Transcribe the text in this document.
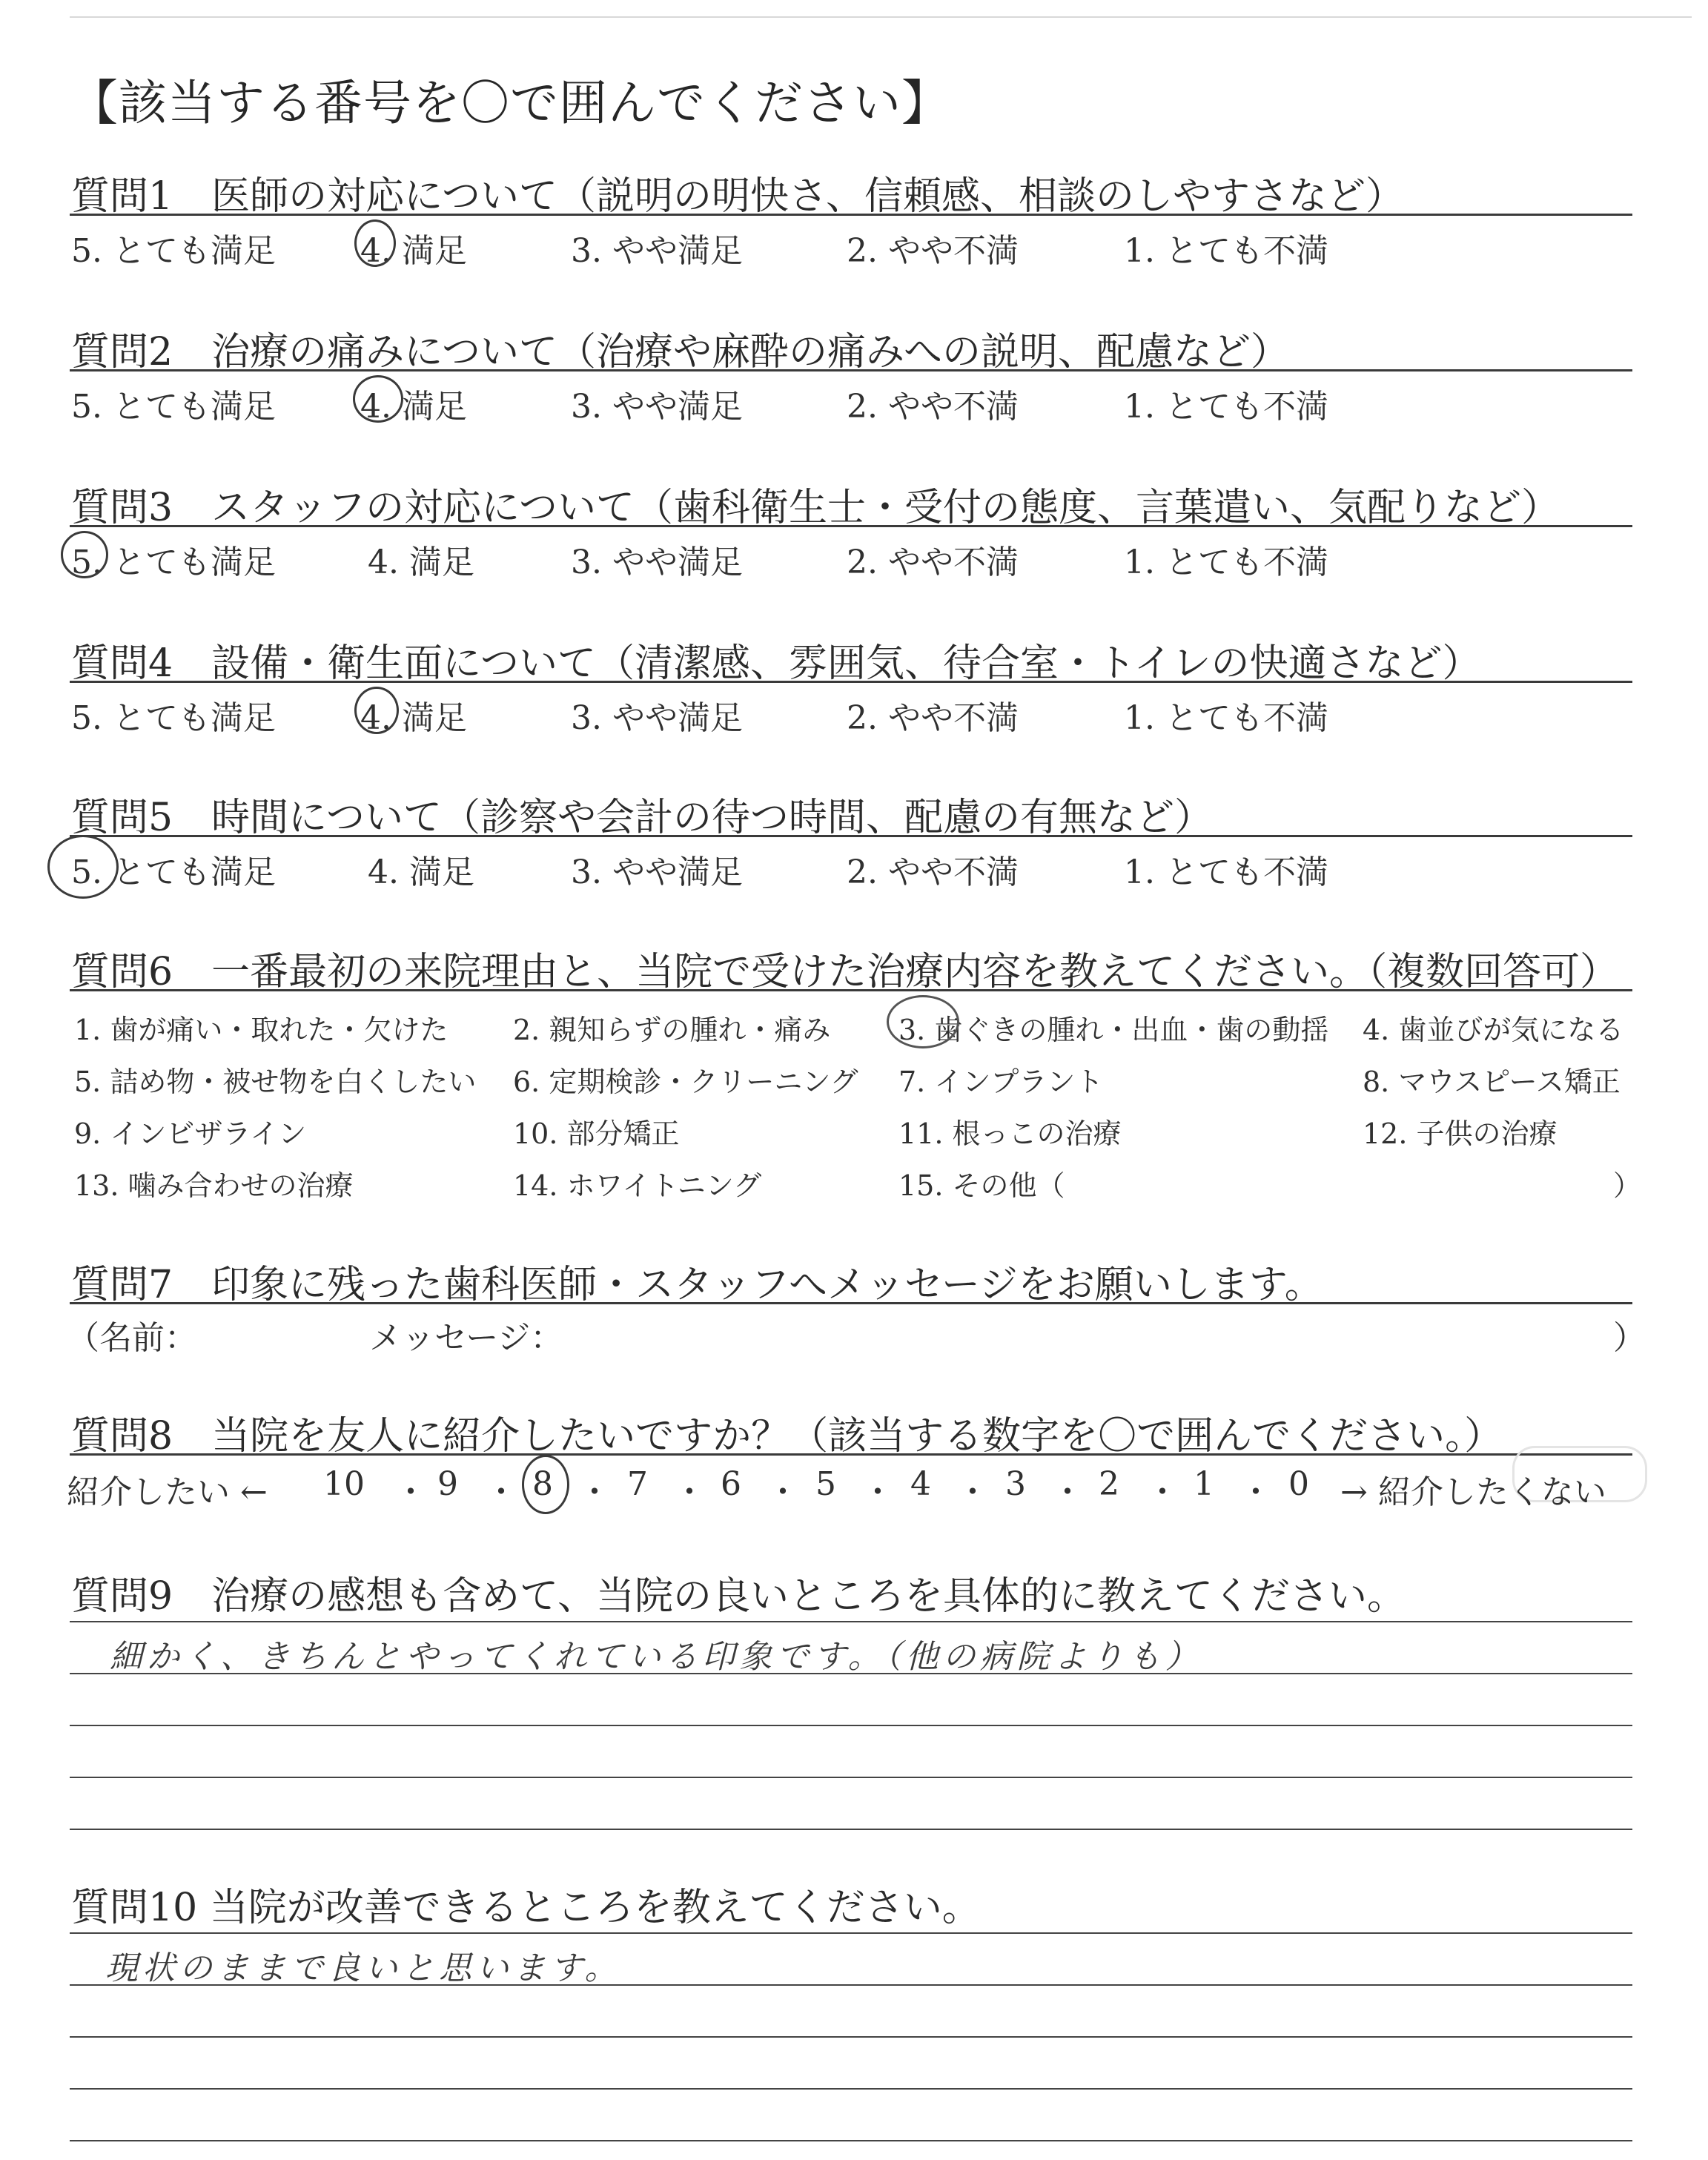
【該当する番号を〇で囲んでください】
質問1　医師の対応について（説明の明快さ、信頼感、相談のしやすさなど）
5. とても満足	4. 満足	3. やや満足	2. やや不満	1. とても不満
質問2　治療の痛みについて（治療や麻酔の痛みへの説明、配慮など）
5. とても満足	4. 満足	3. やや満足	2. やや不満	1. とても不満
質問3　スタッフの対応について（歯科衛生士・受付の態度、言葉遣い、気配りなど）
5. とても満足	4. 満足	3. やや満足	2. やや不満	1. とても不満
質問4　設備・衛生面について（清潔感、雰囲気、待合室・トイレの快適さなど）
5. とても満足	4. 満足	3. やや満足	2. やや不満	1. とても不満
質問5　時間について（診察や会計の待つ時間、配慮の有無など）
5. とても満足	4. 満足	3. やや満足	2. やや不満	1. とても不満
質問6　一番最初の来院理由と、当院で受けた治療内容を教えてください。（複数回答可）
1. 歯が痛い・取れた・欠けた 2. 親知らずの腫れ・痛み 3. 歯ぐきの腫れ・出血・歯の動揺 4. 歯並びが気になる
5. 詰め物・被せ物を白くしたい 6. 定期検診・クリーニング 7. インプラント	8. マウスピース矯正
9. インビザライン	10. 部分矯正	11. 根っこの治療	12. 子供の治療
13. 噛み合わせの治療	14. ホワイトニング	15. その他（	）
質問7　印象に残った歯科医師・スタッフへメッセージをお願いします。
（名前：	メッセージ：	）
質問8　当院を友人に紹介したいですか？（該当する数字を〇で囲んでください。）
紹介したい ← 10 ・ 9 ・ 8 ・ 7 ・ 6 ・ 5 ・ 4 ・ 3 ・ 2 ・ 1 ・ 0 → 紹介したくない
質問9　治療の感想も含めて、当院の良いところを具体的に教えてください。
細かく、きちんとやってくれている印象です。（他の病院よりも）
質問10 当院が改善できるところを教えてください。
現状のままで良いと思います。
